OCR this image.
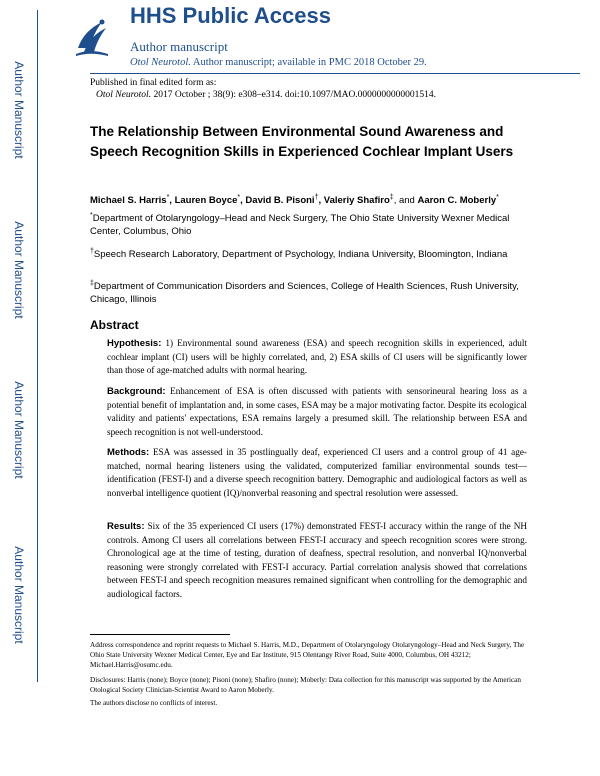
Author Manuscript
Author Manuscript
Author Manuscript
Author Manuscript
HHS Public Access
Author manuscript
Otol Neurotol. Author manuscript; available in PMC 2018 October 29.
Published in final edited form as:
Otol Neurotol. 2017 October ; 38(9): e308–e314. doi:10.1097/MAO.0000000000001514.
The Relationship Between Environmental Sound Awareness and Speech Recognition Skills in Experienced Cochlear Implant Users
Michael S. Harris*, Lauren Boyce*, David B. Pisoni†, Valeriy Shafiro‡, and Aaron C. Moberly*
*Department of Otolaryngology–Head and Neck Surgery, The Ohio State University Wexner Medical Center, Columbus, Ohio
†Speech Research Laboratory, Department of Psychology, Indiana University, Bloomington, Indiana
‡Department of Communication Disorders and Sciences, College of Health Sciences, Rush University, Chicago, Illinois
Abstract
Hypothesis: 1) Environmental sound awareness (ESA) and speech recognition skills in experienced, adult cochlear implant (CI) users will be highly correlated, and, 2) ESA skills of CI users will be significantly lower than those of age-matched adults with normal hearing.
Background: Enhancement of ESA is often discussed with patients with sensorineural hearing loss as a potential benefit of implantation and, in some cases, ESA may be a major motivating factor. Despite its ecological validity and patients' expectations, ESA remains largely a presumed skill. The relationship between ESA and speech recognition is not well-understood.
Methods: ESA was assessed in 35 postlingually deaf, experienced CI users and a control group of 41 age-matched, normal hearing listeners using the validated, computerized familiar environmental sounds test—identification (FEST-I) and a diverse speech recognition battery. Demographic and audiological factors as well as nonverbal intelligence quotient (IQ)/nonverbal reasoning and spectral resolution were assessed.
Results: Six of the 35 experienced CI users (17%) demonstrated FEST-I accuracy within the range of the NH controls. Among CI users all correlations between FEST-I accuracy and speech recognition scores were strong. Chronological age at the time of testing, duration of deafness, spectral resolution, and nonverbal IQ/nonverbal reasoning were strongly correlated with FEST-I accuracy. Partial correlation analysis showed that correlations between FEST-I and speech recognition measures remained significant when controlling for the demographic and audiological factors.
Address correspondence and reprint requests to Michael S. Harris, M.D., Department of Otolaryngology Otolaryngology–Head and Neck Surgery, The Ohio State University Wexner Medical Center, Eye and Ear Institute, 915 Olentangy River Road, Suite 4000, Columbus, OH 43212; Michael.Harris@osumc.edu.
Disclosures: Harris (none); Boyce (none); Pisoni (none); Shafiro (none); Moberly: Data collection for this manuscript was supported by the American Otological Society Clinician-Scientist Award to Aaron Moberly.
The authors disclose no conflicts of interest.
